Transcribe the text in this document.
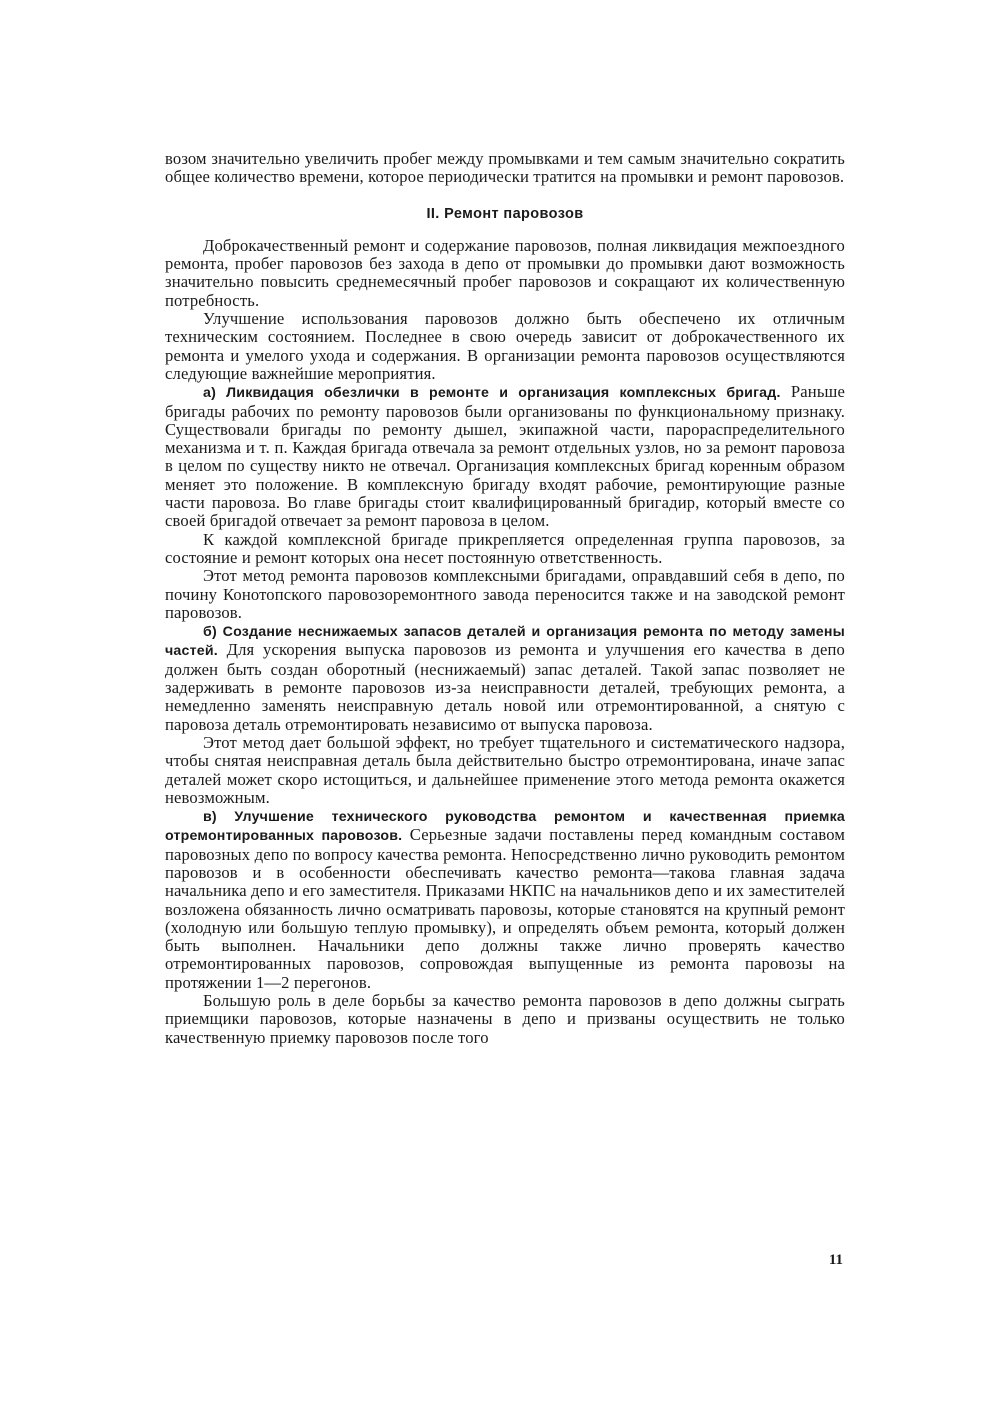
возом значительно увеличить пробег между промывками и тем самым значительно сократить общее количество времени, которое периодически тратится на промывки и ремонт паровозов.

II. Ремонт паровозов

Доброкачественный ремонт и содержание паровозов, полная ликвидация межпоездного ремонта, пробег паровозов без захода в депо от промывки до промывки дают возможность значительно повысить среднемесячный пробег паровозов и сокращают их количественную потребность.

Улучшение использования паровозов должно быть обеспечено их отличным техническим состоянием. Последнее в свою очередь зависит от доброкачественного их ремонта и умелого ухода и содержания. В организации ремонта паровозов осуществляются следующие важнейшие мероприятия.

а) Ликвидация обезлички в ремонте и организация комплексных бригад. Раньше бригады рабочих по ремонту паровозов были организованы по функциональному признаку. Существовали бригады по ремонту дышел, экипажной части, парораспределительного механизма и т. п. Каждая бригада отвечала за ремонт отдельных узлов, но за ремонт паровоза в целом по существу никто не отвечал. Организация комплексных бригад коренным образом меняет это положение. В комплексную бригаду входят рабочие, ремонтирующие разные части паровоза. Во главе бригады стоит квалифицированный бригадир, который вместе со своей бригадой отвечает за ремонт паровоза в целом.

К каждой комплексной бригаде прикрепляется определенная группа паровозов, за состояние и ремонт которых она несет постоянную ответственность.

Этот метод ремонта паровозов комплексными бригадами, оправдавший себя в депо, по почину Конотопского паровозоремонтного завода переносится также и на заводской ремонт паровозов.

б) Создание неснижаемых запасов деталей и организация ремонта по методу замены частей. Для ускорения выпуска паровозов из ремонта и улучшения его качества в депо должен быть создан оборотный (неснижаемый) запас деталей. Такой запас позволяет не задерживать в ремонте паровозов из-за неисправности деталей, требующих ремонта, а немедленно заменять неисправную деталь новой или отремонтированной, а снятую с паровоза деталь отремонтировать независимо от выпуска паровоза.

Этот метод дает большой эффект, но требует тщательного и систематического надзора, чтобы снятая неисправная деталь была действительно быстро отремонтирована, иначе запас деталей может скоро истощиться, и дальнейшее применение этого метода ремонта окажется невозможным.

в) Улучшение технического руководства ремонтом и качественная приемка отремонтированных паровозов. Серьезные задачи поставлены перед командным составом паровозных депо по вопросу качества ремонта. Непосредственно лично руководить ремонтом паровозов и в особенности обеспечивать качество ремонта—такова главная задача начальника депо и его заместителя. Приказами НКПС на начальников депо и их заместителей возложена обязанность лично осматривать паровозы, которые становятся на крупный ремонт (холодную или большую теплую промывку), и определять объем ремонта, который должен быть выполнен. Начальники депо должны также лично проверять качество отремонтированных паровозов, сопровождая выпущенные из ремонта паровозы на протяжении 1—2 перегонов.

Большую роль в деле борьбы за качество ремонта паровозов в депо должны сыграть приемщики паровозов, которые назначены в депо и призваны осуществить не только качественную приемку паровозов после того

11
